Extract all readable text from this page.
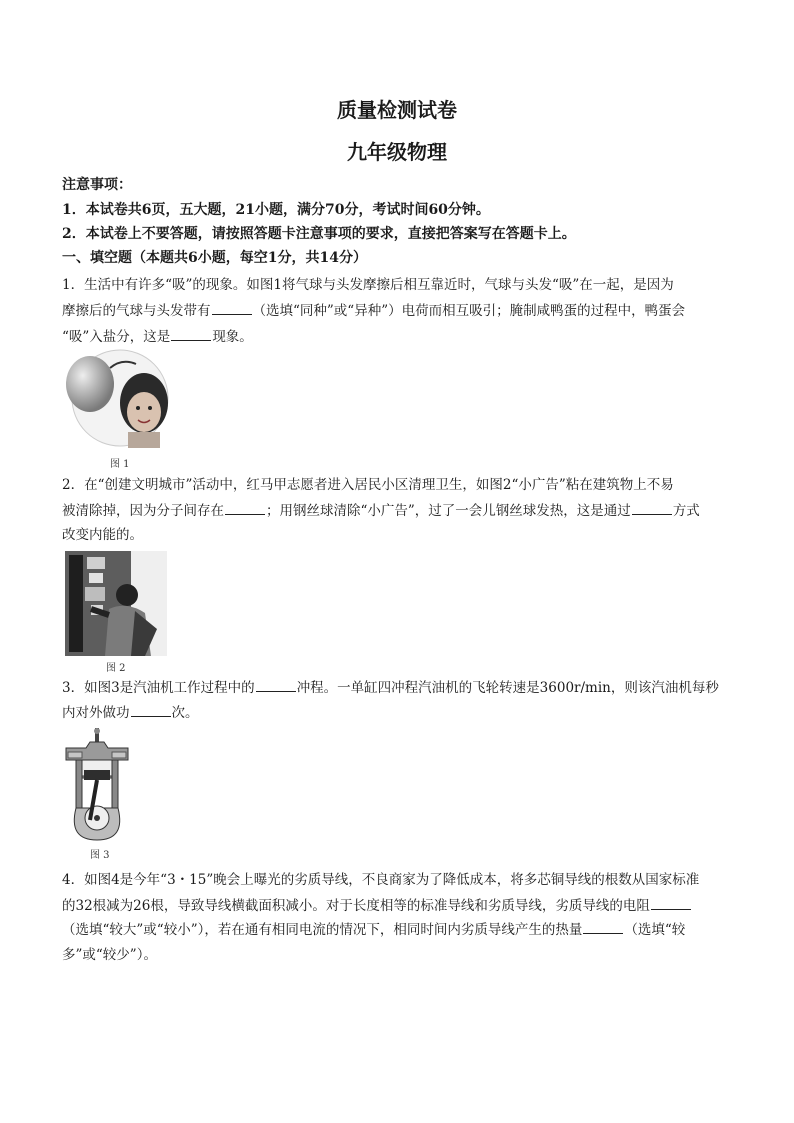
质量检测试卷
九年级物理
注意事项：
1．本试卷共6页，五大题，21小题，满分70分，考试时间60分钟。
2．本试卷上不要答题，请按照答题卡注意事项的要求，直接把答案写在答题卡上。
一、填空题（本题共6小题，每空1分，共14分）
1．生活中有许多“吸”的现象。如图1将气球与头发摩擦后相互靠近时，气球与头发“吸”在一起，是因为
摩擦后的气球与头发带有	（选填“同种”或“异种”）电荷而相互吸引；腌制咸鸭蛋的过程中，鸭蛋会
“吸”入盐分，这是	现象。
图 1
2．在“创建文明城市”活动中，红马甲志愿者进入居民小区清理卫生，如图2“小广告”粘在建筑物上不易
被清除掉，因为分子间存在	；用钢丝球清除“小广告”，过了一会儿钢丝球发热，这是通过	方式
改变内能的。
图 2
3．如图3是汽油机工作过程中的	冲程。一单缸四冲程汽油机的飞轮转速是3600r/min，则该汽油机每秒
内对外做功	次。
图 3
4．如图4是今年“3・15”晚会上曝光的劣质导线，不良商家为了降低成本，将多芯铜导线的根数从国家标准
的32根减为26根，导致导线横截面积减小。对于长度相等的标准导线和劣质导线，劣质导线的电阻
（选填“较大”或“较小”），若在通有相同电流的情况下，相同时间内劣质导线产生的热量	（选填“较
多”或“较少”）。
